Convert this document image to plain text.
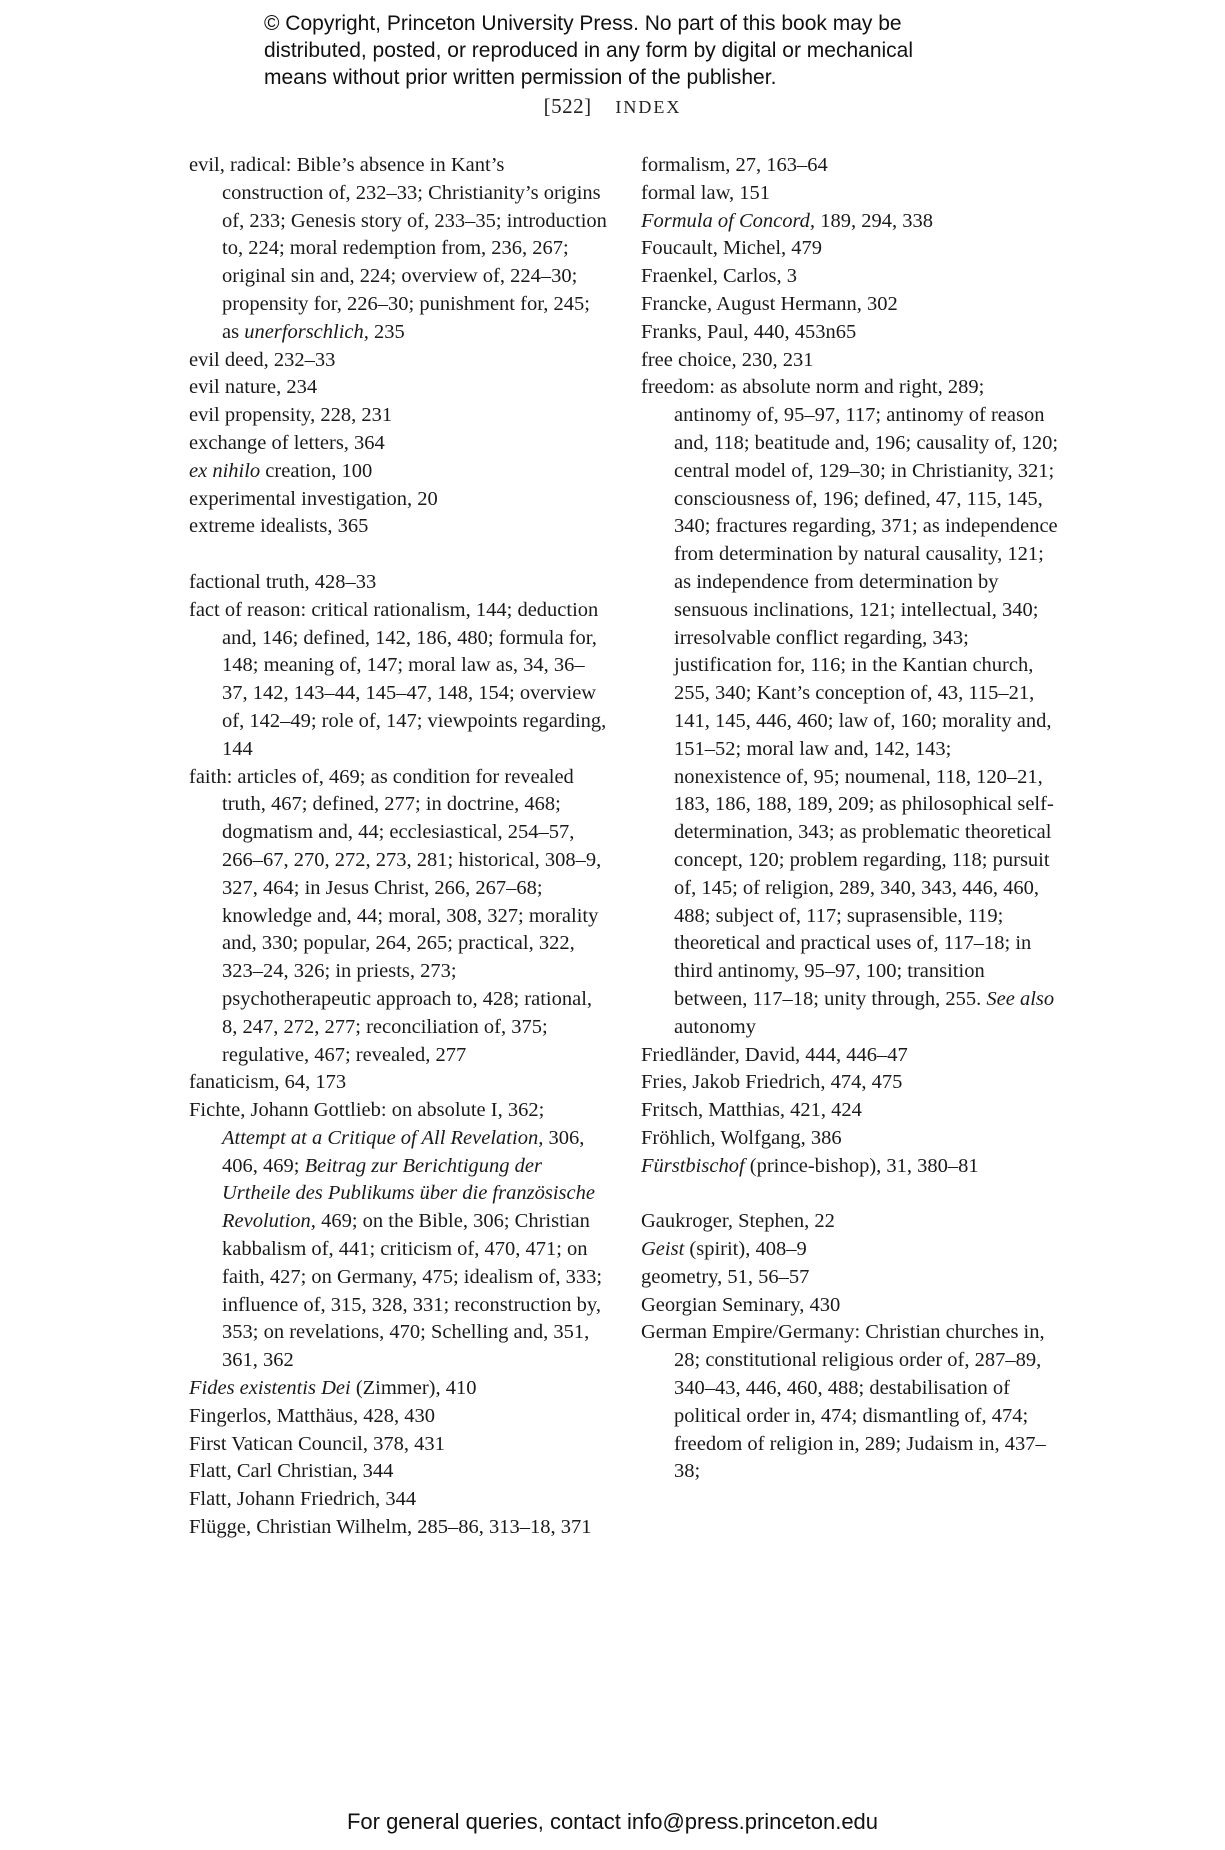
© Copyright, Princeton University Press. No part of this book may be

distributed, posted, or reproduced in any form by digital or mechanical

means without prior written permission of the publisher.

[522] INDEX

evil, radical: Bible’s absence in Kant’s construction of, 232–33; Christianity’s origins of, 233; Genesis story of, 233–35; introduction to, 224; moral redemption from, 236, 267; original sin and, 224; overview of, 224–30; propensity for, 226–30; punishment for, 245; as unerforschlich, 235

evil deed, 232–33

evil nature, 234

evil propensity, 228, 231

exchange of letters, 364

ex nihilo creation, 100

experimental investigation, 20

extreme idealists, 365

factional truth, 428–33

fact of reason: critical rationalism, 144; deduction and, 146; defined, 142, 186, 480; formula for, 148; meaning of, 147; moral law as, 34, 36–37, 142, 143–44, 145–47, 148, 154; overview of, 142–49; role of, 147; viewpoints regarding, 144

faith: articles of, 469; as condition for revealed truth, 467; defined, 277; in doctrine, 468; dogmatism and, 44; ecclesiastical, 254–57, 266–67, 270, 272, 273, 281; historical, 308–9, 327, 464; in Jesus Christ, 266, 267–68; knowledge and, 44; moral, 308, 327; morality and, 330; popular, 264, 265; practical, 322, 323–24, 326; in priests, 273; psychotherapeutic approach to, 428; rational, 8, 247, 272, 277; reconciliation of, 375; regulative, 467; revealed, 277

fanaticism, 64, 173

Fichte, Johann Gottlieb: on absolute I, 362; Attempt at a Critique of All Revelation, 306, 406, 469; Beitrag zur Berichtigung der Urtheile des Publikums über die französische Revolution, 469; on the Bible, 306; Christian kabbalism of, 441; criticism of, 470, 471; on faith, 427; on Germany, 475; idealism of, 333; influence of, 315, 328, 331; reconstruction by, 353; on revelations, 470; Schelling and, 351, 361, 362

Fides existentis Dei (Zimmer), 410

Fingerlos, Matthäus, 428, 430

First Vatican Council, 378, 431

Flatt, Carl Christian, 344

Flatt, Johann Friedrich, 344

Flügge, Christian Wilhelm, 285–86, 313–18, 371

formalism, 27, 163–64

formal law, 151

Formula of Concord, 189, 294, 338

Foucault, Michel, 479

Fraenkel, Carlos, 3

Francke, August Hermann, 302

Franks, Paul, 440, 453n65

free choice, 230, 231

freedom: as absolute norm and right, 289; antinomy of, 95–97, 117; antinomy of reason and, 118; beatitude and, 196; causality of, 120; central model of, 129–30; in Christianity, 321; consciousness of, 196; defined, 47, 115, 145, 340; fractures regarding, 371; as independence from determination by natural causality, 121; as independence from determination by sensuous inclinations, 121; intellectual, 340; irresolvable conflict regarding, 343; justification for, 116; in the Kantian church, 255, 340; Kant’s conception of, 43, 115–21, 141, 145, 446, 460; law of, 160; morality and, 151–52; moral law and, 142, 143; nonexistence of, 95; noumenal, 118, 120–21, 183, 186, 188, 189, 209; as philosophical self-determination, 343; as problematic theoretical concept, 120; problem regarding, 118; pursuit of, 145; of religion, 289, 340, 343, 446, 460, 488; subject of, 117; suprasensible, 119; theoretical and practical uses of, 117–18; in third antinomy, 95–97, 100; transition between, 117–18; unity through, 255. See also autonomy

Friedländer, David, 444, 446–47

Fries, Jakob Friedrich, 474, 475

Fritsch, Matthias, 421, 424

Fröhlich, Wolfgang, 386

Fürstbischof (prince-bishop), 31, 380–81

Gaukroger, Stephen, 22

Geist (spirit), 408–9

geometry, 51, 56–57

Georgian Seminary, 430

German Empire/Germany: Christian churches in, 28; constitutional religious order of, 287–89, 340–43, 446, 460, 488; destabilisation of political order in, 474; dismantling of, 474; freedom of religion in, 289; Judaism in, 437–38;

For general queries, contact info@press.princeton.edu
